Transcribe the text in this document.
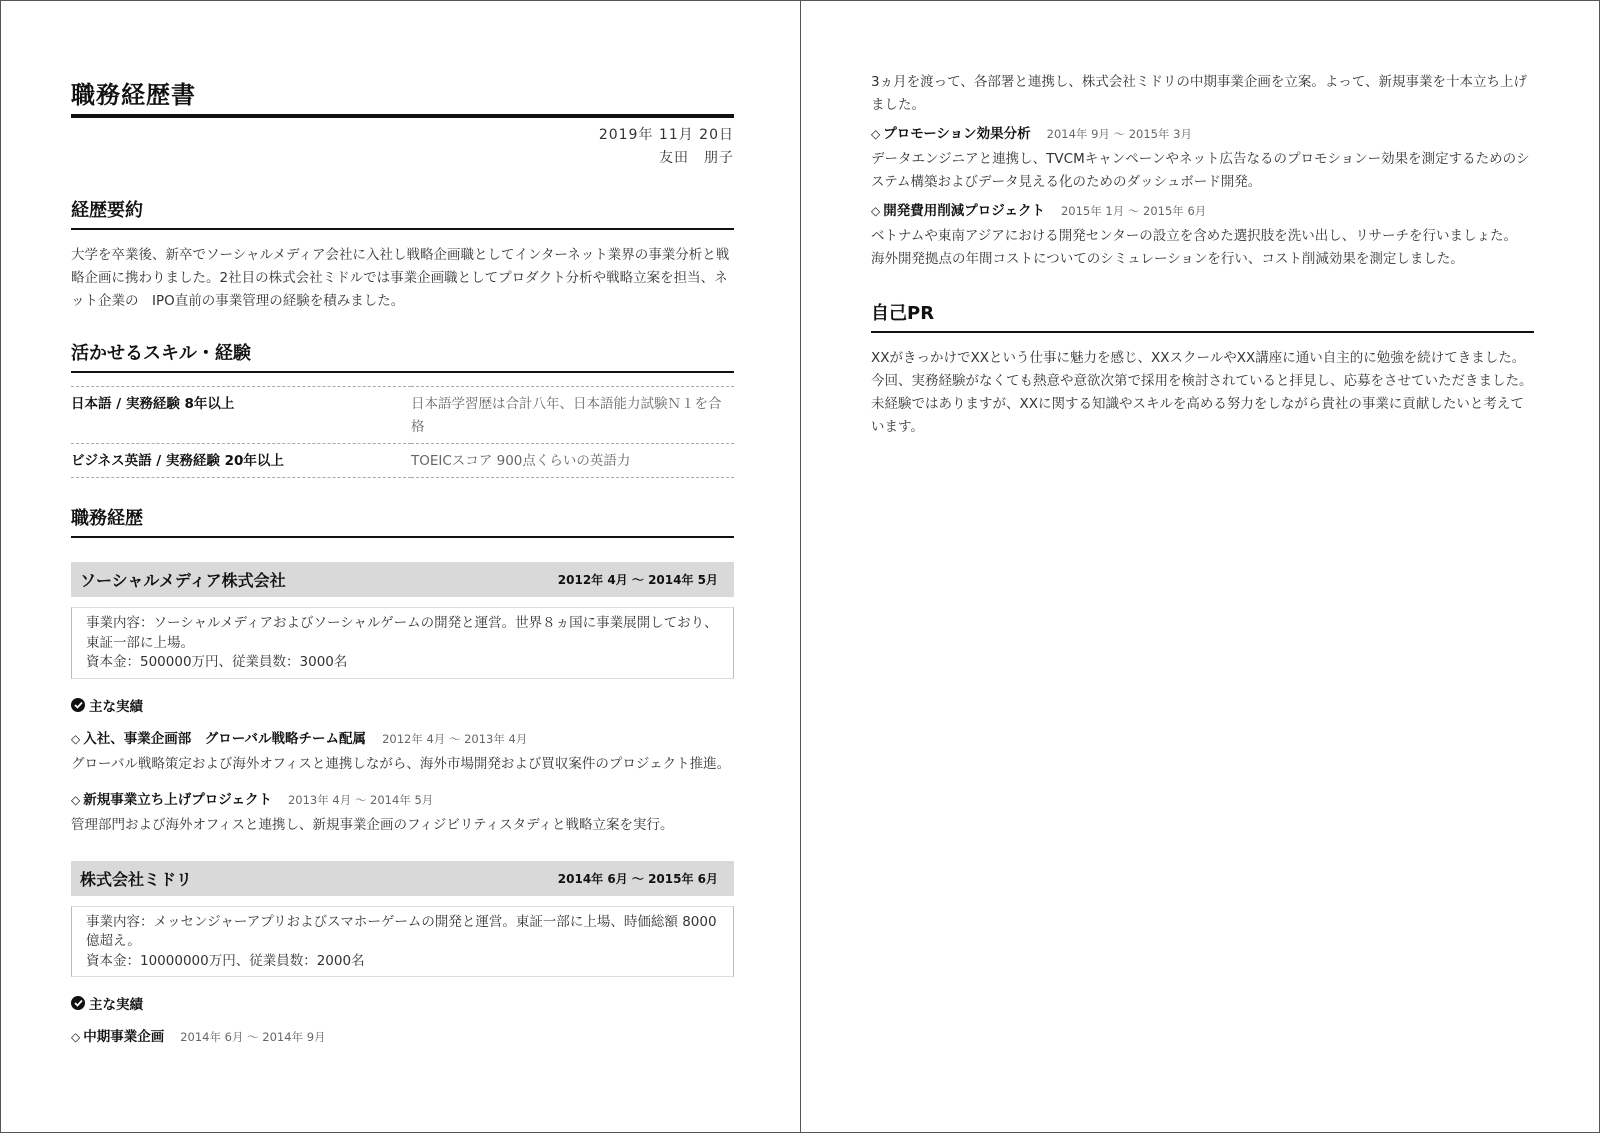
職務経歴書
2019年 11月 20日
友田　朋子
経歴要約
大学を卒業後、新卒でソーシャルメディア会社に入社し戦略企画職としてインターネット業界の事業分析と戦略企画に携わりました。2社目の株式会社ミドルでは事業企画職としてプロダクト分析や戦略立案を担当、ネット企業の　IPO直前の事業管理の経験を積みました。
活かせるスキル・経験
日本語 / 実務経験 8年以上	日本語学習歴は合計八年、日本語能力試験Ｎ１を合格
ビジネス英語 / 実務経験 20年以上	TOEICスコア 900点くらいの英語力
職務経歴
ソーシャルメディア株式会社	2012年 4月 〜 2014年 5月
事業内容：ソーシャルメディアおよびソーシャルゲームの開発と運営。世界８ヵ国に事業展開しており、東証一部に上場。
資本金：500000万円、従業員数：3000名
主な実績
◇ 入社、事業企画部　グローバル戦略チーム配属 2012年 4月 〜 2013年 4月
グローバル戦略策定および海外オフィスと連携しながら、海外市場開発および買収案件のプロジェクト推進。
◇ 新規事業立ち上げプロジェクト 2013年 4月 〜 2014年 5月
管理部門および海外オフィスと連携し、新規事業企画のフィジビリティスタディと戦略立案を実行。
株式会社ミドリ	2014年 6月 〜 2015年 6月
事業内容：メッセンジャーアプリおよびスマホーゲームの開発と運営。東証一部に上場、時価総額 8000 億超え。
資本金：10000000万円、従業員数：2000名
主な実績
◇ 中期事業企画 2014年 6月 〜 2014年 9月
3ヵ月を渡って、各部署と連携し、株式会社ミドリの中期事業企画を立案。よって、新規事業を十本立ち上げました。
◇ プロモーション効果分析 2014年 9月 〜 2015年 3月
データエンジニアと連携し、TVCMキャンペーンやネット広告なるのプロモションー効果を測定するためのシステム構築およびデータ見える化のためのダッシュボード開発。
◇ 開発費用削減プロジェクト 2015年 1月 〜 2015年 6月
ベトナムや東南アジアにおける開発センターの設立を含めた選択肢を洗い出し、リサーチを行いましょた。
海外開発拠点の年間コストについてのシミュレーションを行い、コスト削減効果を測定しました。
自己PR
XXがきっかけでXXという仕事に魅力を感じ、XXスクールやXX講座に通い自主的に勉強を続けてきました。今回、実務経験がなくても熱意や意欲次第で採用を検討されていると拝見し、応募をさせていただきました。未経験ではありますが、XXに関する知識やスキルを高める努力をしながら貴社の事業に貢献したいと考えています。
